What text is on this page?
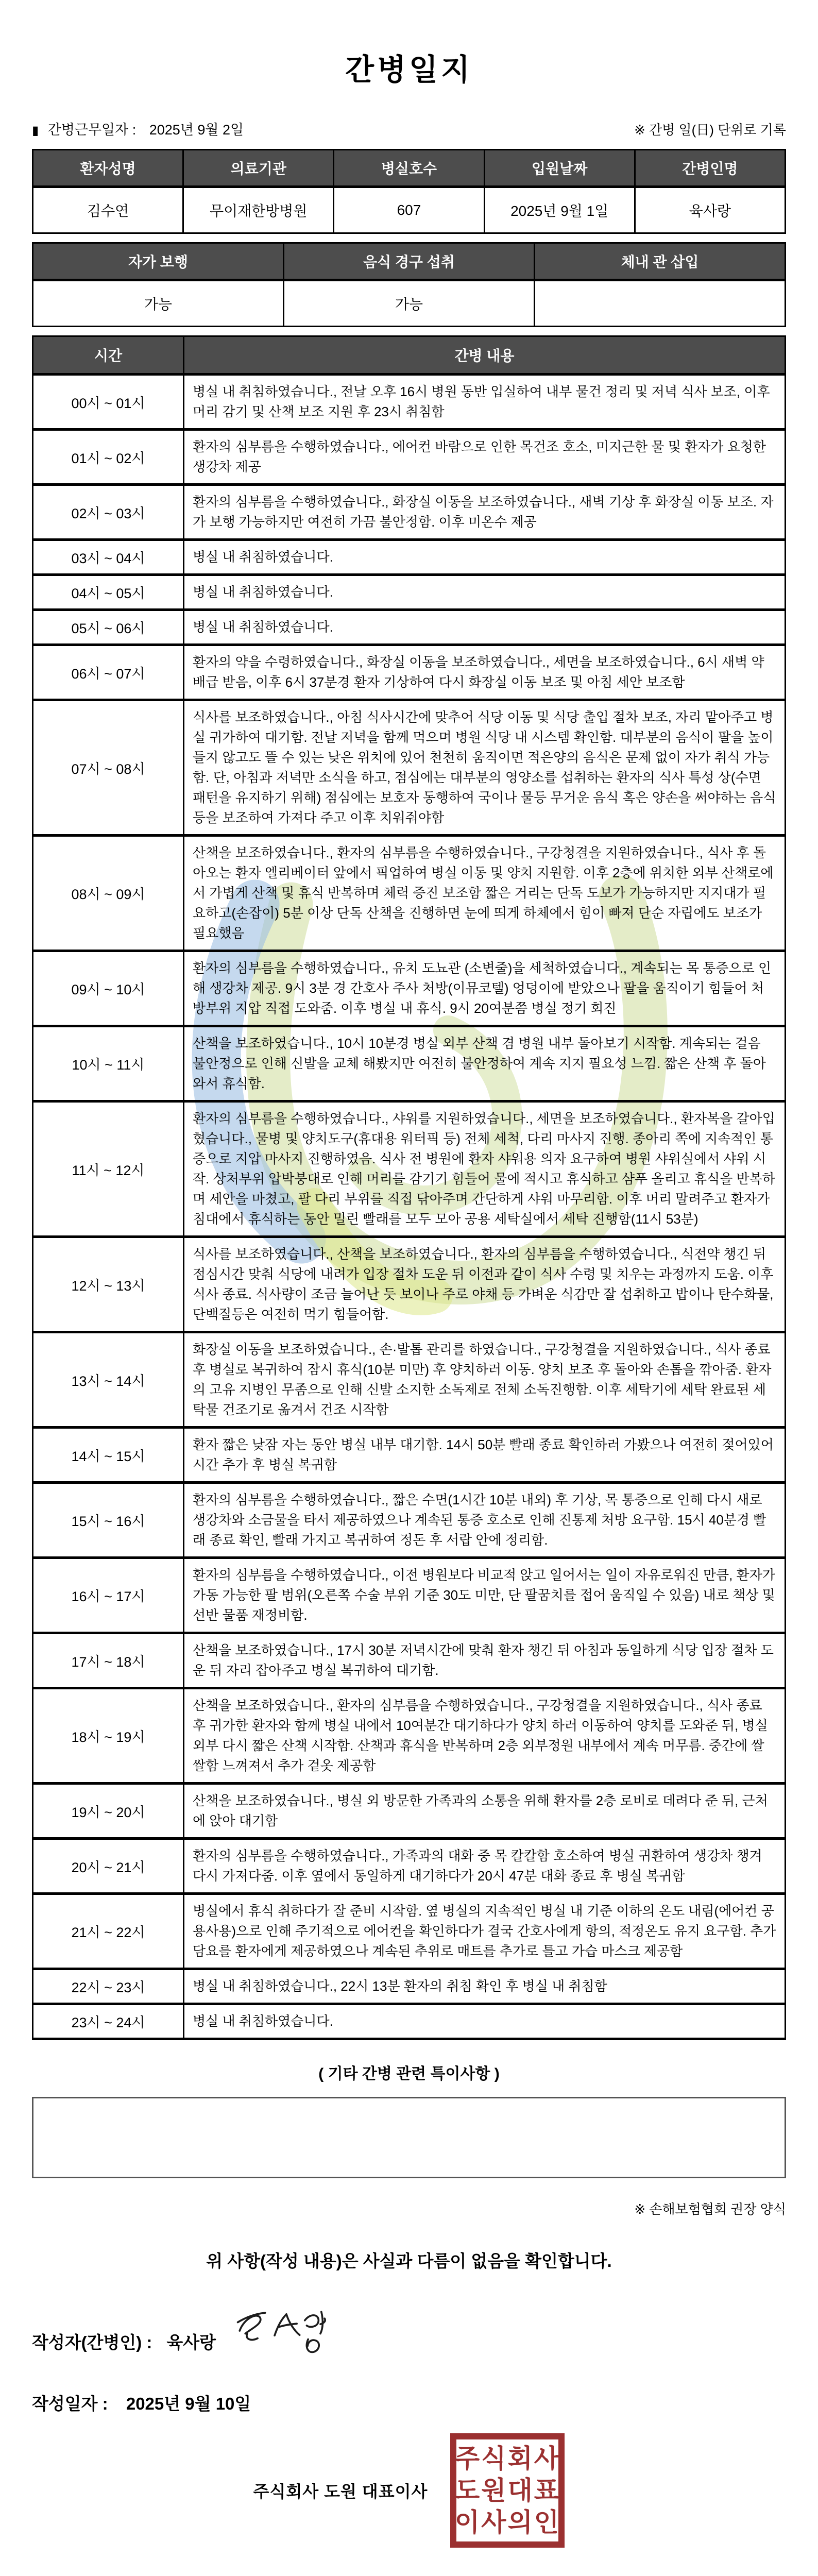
간병일지
▮ 간병근무일자 : 2025년 9월 2일	※ 간병 일(日) 단위로 기록
환자성명	의료기관	병실호수	입원날짜	간병인명
김수연	무이재한방병원	607	2025년 9월 1일	육사랑
자가 보행	음식 경구 섭취	체내 관 삽입
가능	가능	
시간	간병 내용
00시 ~ 01시	병실 내 취침하였습니다., 전날 오후 16시 병원 동반 입실하여 내부 물건 정리 및 저녁 식사 보조, 이후 머리 감기 및 산책 보조 지원 후 23시 취침함
01시 ~ 02시	환자의 심부름을 수행하였습니다., 에어컨 바람으로 인한 목건조 호소, 미지근한 물 및 환자가 요청한 생강차 제공
02시 ~ 03시	환자의 심부름을 수행하였습니다., 화장실 이동을 보조하였습니다., 새벽 기상 후 화장실 이동 보조. 자가 보행 가능하지만 여전히 가끔 불안정함. 이후 미온수 제공
03시 ~ 04시	병실 내 취침하였습니다.
04시 ~ 05시	병실 내 취침하였습니다.
05시 ~ 06시	병실 내 취침하였습니다.
06시 ~ 07시	환자의 약을 수령하였습니다., 화장실 이동을 보조하였습니다., 세면을 보조하였습니다., 6시 새벽 약 배급 받음, 이후 6시 37분경 환자 기상하여 다시 화장실 이동 보조 및 아침 세안 보조함
07시 ~ 08시	식사를 보조하였습니다., 아침 식사시간에 맞추어 식당 이동 및 식당 출입 절차 보조, 자리 맡아주고 병실 귀가하여 대기함. 전날 저녁을 함께 먹으며 병원 식당 내 시스템 확인함. 대부분의 음식이 팔을 높이 들지 않고도 뜰 수 있는 낮은 위치에 있어 천천히 움직이면 적은양의 음식은 문제 없이 자가 취식 가능함. 단, 아침과 저녁만 소식을 하고, 점심에는 대부분의 영양소를 섭취하는 환자의 식사 특성 상(수면 패턴을 유지하기 위해) 점심에는 보호자 동행하여 국이나 물등 무거운 음식 혹은 양손을 써야하는 음식등을 보조하여 가져다 주고 이후 치워줘야함
08시 ~ 09시	산책을 보조하였습니다., 환자의 심부름을 수행하였습니다., 구강청결을 지원하였습니다., 식사 후 돌아오는 환자 엘리베이터 앞에서 픽업하여 병실 이동 및 양치 지원함. 이후 2층에 위치한 외부 산책로에서 가볍게 산책 및 휴식 반복하며 체력 증진 보조함 짧은 거리는 단독 도보가 가능하지만 지지대가 필요하고(손잡이) 5분 이상 단독 산책을 진행하면 눈에 띄게 하체에서 힘이 빠져 단순 자립에도 보조가 필요했음
09시 ~ 10시	환자의 심부름을 수행하였습니다., 유치 도뇨관 (소변줄)을 세척하였습니다., 계속되는 목 통증으로 인해 생강차 제공. 9시 3분 경 간호사 주사 처방(이뮤코텔) 엉덩이에 받았으나 팔을 움직이기 힘들어 처방부위 지압 직접 도와줌. 이후 병실 내 휴식. 9시 20여분쯤 병실 정기 회진
10시 ~ 11시	산책을 보조하였습니다., 10시 10분경 병실 외부 산책 겸 병원 내부 돌아보기 시작함. 계속되는 걸음 불안정으로 인해 신발을 교체 해봤지만 여전히 불안정하여 계속 지지 필요성 느낌. 짧은 산책 후 돌아와서 휴식함.
11시 ~ 12시	환자의 심부름을 수행하였습니다., 샤워를 지원하였습니다., 세면을 보조하였습니다., 환자복을 갈아입혔습니다., 물병 및 양치도구(휴대용 워터픽 등) 전체 세척, 다리 마사지 진행. 종아리 쪽에 지속적인 통증으로 지압 마사지 진행하였음. 식사 전 병원에 환자 샤워용 의자 요구하여 병원 샤워실에서 샤워 시작. 상처부위 압박붕대로 인해 머리를 감기기 힘들어 물에 적시고 휴식하고 샴푸 올리고 휴식을 반복하며 세안을 마쳤고, 팔 다리 부위를 직접 닦아주며 간단하게 샤워 마무리함. 이후 머리 말려주고 환자가 침대에서 휴식하는 동안 밀린 빨래를 모두 모아 공용 세탁실에서 세탁 진행함(11시 53분)
12시 ~ 13시	식사를 보조하였습니다., 산책을 보조하였습니다., 환자의 심부름을 수행하였습니다., 식전약 챙긴 뒤 점심시간 맞춰 식당에 내려가 입장 절차 도운 뒤 이전과 같이 식사 수령 및 치우는 과정까지 도움. 이후 식사 종료. 식사량이 조금 늘어난 듯 보이나 주로 야채 등 가벼운 식감만 잘 섭취하고 밥이나 탄수화물, 단백질등은 여전히 먹기 힘들어함.
13시 ~ 14시	화장실 이동을 보조하였습니다., 손·발톱 관리를 하였습니다., 구강청결을 지원하였습니다., 식사 종료 후 병실로 복귀하여 잠시 휴식(10분 미만) 후 양치하러 이동. 양치 보조 후 돌아와 손톱을 깎아줌. 환자의 고유 지병인 무좀으로 인해 신발 소지한 소독제로 전체 소독진행함. 이후 세탁기에 세탁 완료된 세탁물 건조기로 옮겨서 건조 시작함
14시 ~ 15시	환자 짧은 낮잠 자는 동안 병실 내부 대기함. 14시 50분 빨래 종료 확인하러 가봤으나 여전히 젖어있어 시간 추가 후 병실 복귀함
15시 ~ 16시	환자의 심부름을 수행하였습니다., 짧은 수면(1시간 10분 내외) 후 기상, 목 통증으로 인해 다시 새로 생강차와 소금물을 타서 제공하였으나 계속된 통증 호소로 인해 진통제 처방 요구함. 15시 40분경 빨래 종료 확인, 빨래 가지고 복귀하여 정돈 후 서랍 안에 정리함.
16시 ~ 17시	환자의 심부름을 수행하였습니다., 이전 병원보다 비교적 앉고 일어서는 일이 자유로워진 만큼, 환자가 가동 가능한 팔 범위(오른쪽 수술 부위 기준 30도 미만, 단 팔꿈치를 접어 움직일 수 있음) 내로 책상 및 선반 물품 재정비함.
17시 ~ 18시	산책을 보조하였습니다., 17시 30분 저녁시간에 맞춰 환자 챙긴 뒤 아침과 동일하게 식당 입장 절차 도운 뒤 자리 잡아주고 병실 복귀하여 대기함.
18시 ~ 19시	산책을 보조하였습니다., 환자의 심부름을 수행하였습니다., 구강청결을 지원하였습니다., 식사 종료 후 귀가한 환자와 함께 병실 내에서 10여분간 대기하다가 양치 하러 이동하여 양치를 도와준 뒤, 병실 외부 다시 짧은 산책 시작함. 산책과 휴식을 반복하며 2층 외부정원 내부에서 계속 머무름. 중간에 쌀쌀함 느껴져서 추가 겉옷 제공함
19시 ~ 20시	산책을 보조하였습니다., 병실 외 방문한 가족과의 소통을 위해 환자를 2층 로비로 데려다 준 뒤, 근처에 앉아 대기함
20시 ~ 21시	환자의 심부름을 수행하였습니다., 가족과의 대화 중 목 칼칼함 호소하여 병실 귀환하여 생강차 챙겨 다시 가져다줌. 이후 옆에서 동일하게 대기하다가 20시 47분 대화 종료 후 병실 복귀함
21시 ~ 22시	병실에서 휴식 취하다가 잘 준비 시작함. 옆 병실의 지속적인 병실 내 기준 이하의 온도 내림(에어컨 공용사용)으로 인해 주기적으로 에어컨을 확인하다가 결국 간호사에게 항의, 적정온도 유지 요구함. 추가 담요를 환자에게 제공하였으나 계속된 추위로 매트를 추가로 틀고 가습 마스크 제공함
22시 ~ 23시	병실 내 취침하였습니다., 22시 13분 환자의 취침 확인 후 병실 내 취침함
23시 ~ 24시	병실 내 취침하였습니다.
( 기타 간병 관련 특이사항 )
※ 손해보험협회 권장 양식
위 사항(작성 내용)은 사실과 다름이 없음을 확인합니다.
작성자(간병인) : 육사랑
작성일자 : 2025년 9월 10일
주식회사 도원 대표이사
주식회사
도원대표
이사의인
